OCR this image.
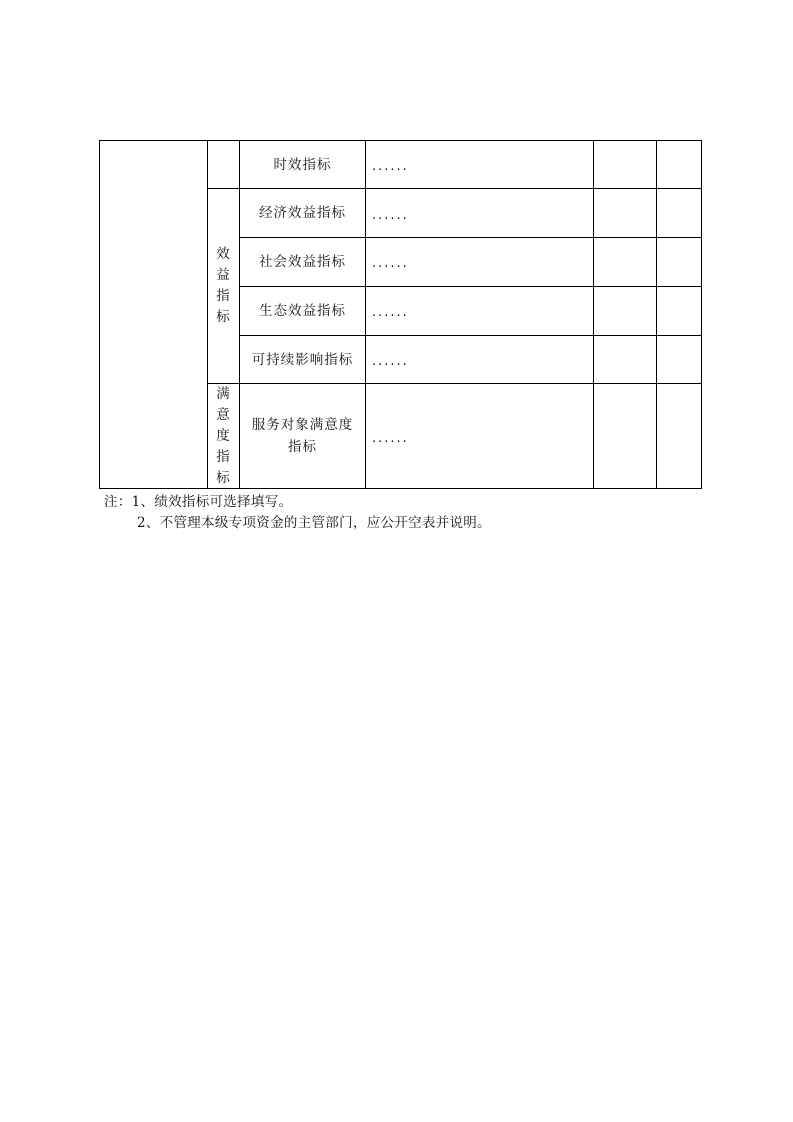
效
益
指
标
满
意
度
指
标
时效指标
经济效益指标
社会效益指标
生态效益指标
可持续影响指标
服务对象满意度
指标
......
......
......
......
......
......
注：1、绩效指标可选择填写。
2、不管理本级专项资金的主管部门，应公开空表并说明。
